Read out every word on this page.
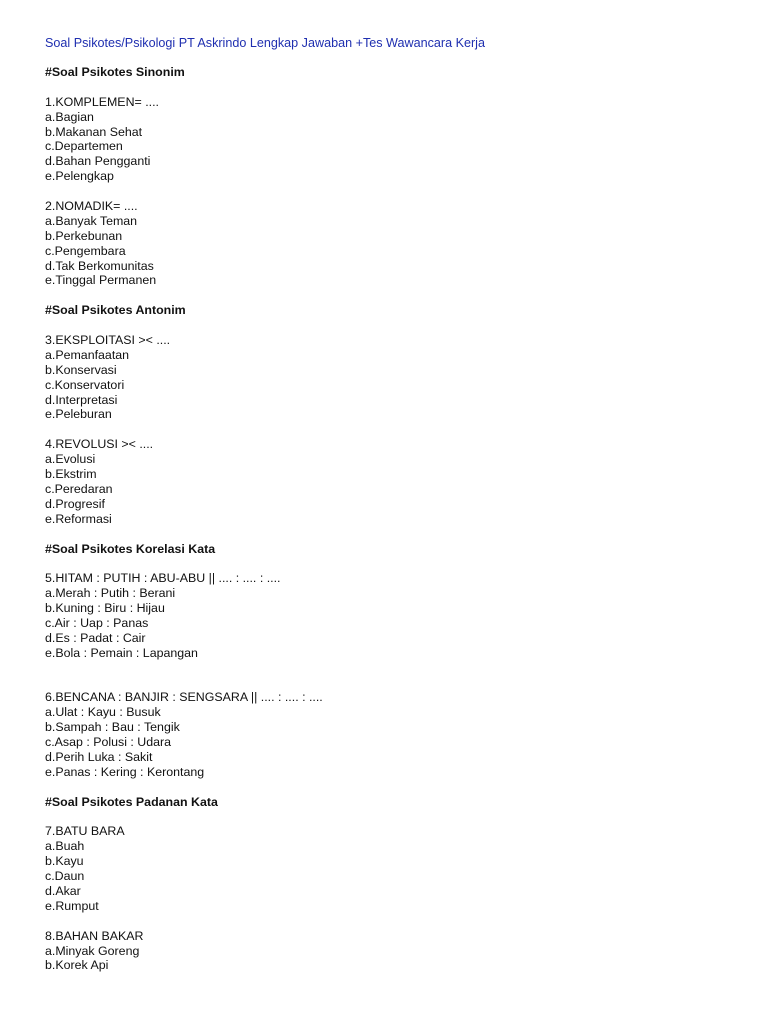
Soal Psikotes/Psikologi PT Askrindo Lengkap Jawaban +Tes Wawancara Kerja
#Soal Psikotes Sinonim
1.KOMPLEMEN= ....
a.Bagian
b.Makanan Sehat
c.Departemen
d.Bahan Pengganti
e.Pelengkap
2.NOMADIK= ....
a.Banyak Teman
b.Perkebunan
c.Pengembara
d.Tak Berkomunitas
e.Tinggal Permanen
#Soal Psikotes Antonim
3.EKSPLOITASI >< ....
a.Pemanfaatan
b.Konservasi
c.Konservatori
d.Interpretasi
e.Peleburan
4.REVOLUSI >< ....
a.Evolusi
b.Ekstrim
c.Peredaran
d.Progresif
e.Reformasi
#Soal Psikotes Korelasi Kata
5.HITAM : PUTIH : ABU-ABU || .... : .... : ....
a.Merah : Putih : Berani
b.Kuning : Biru : Hijau
c.Air : Uap : Panas
d.Es : Padat : Cair
e.Bola : Pemain : Lapangan
6.BENCANA : BANJIR : SENGSARA || .... : .... : ....
a.Ulat : Kayu : Busuk
b.Sampah : Bau : Tengik
c.Asap : Polusi : Udara
d.Perih Luka : Sakit
e.Panas : Kering : Kerontang
#Soal Psikotes Padanan Kata
7.BATU BARA
a.Buah
b.Kayu
c.Daun
d.Akar
e.Rumput
8.BAHAN BAKAR
a.Minyak Goreng
b.Korek Api
